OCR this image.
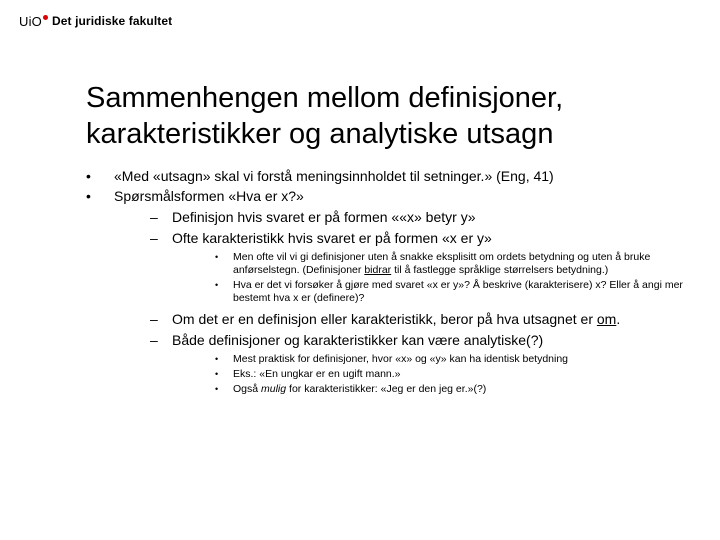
UiO Det juridiske fakultet
Sammenhengen mellom definisjoner,
karakteristikker og analytiske utsagn
• «Med «utsagn» skal vi forstå meningsinnholdet til setninger.» (Eng, 41)
• Spørsmålsformen «Hva er x?»
– Definisjon hvis svaret er på formen ««x» betyr y»
– Ofte karakteristikk hvis svaret er på formen «x er y»
• Men ofte vil vi gi definisjoner uten å snakke eksplisitt om ordets betydning og uten å bruke anførselstegn. (Definisjoner bidrar til å fastlegge språklige størrelsers betydning.)
• Hva er det vi forsøker å gjøre med svaret «x er y»? Å beskrive (karakterisere) x? Eller å angi mer bestemt hva x er (definere)?
– Om det er en definisjon eller karakteristikk, beror på hva utsagnet er om.
– Både definisjoner og karakteristikker kan være analytiske(?)
• Mest praktisk for definisjoner, hvor «x» og «y» kan ha identisk betydning
• Eks.: «En ungkar er en ugift mann.»
• Også mulig for karakteristikker: «Jeg er den jeg er.»(?)
